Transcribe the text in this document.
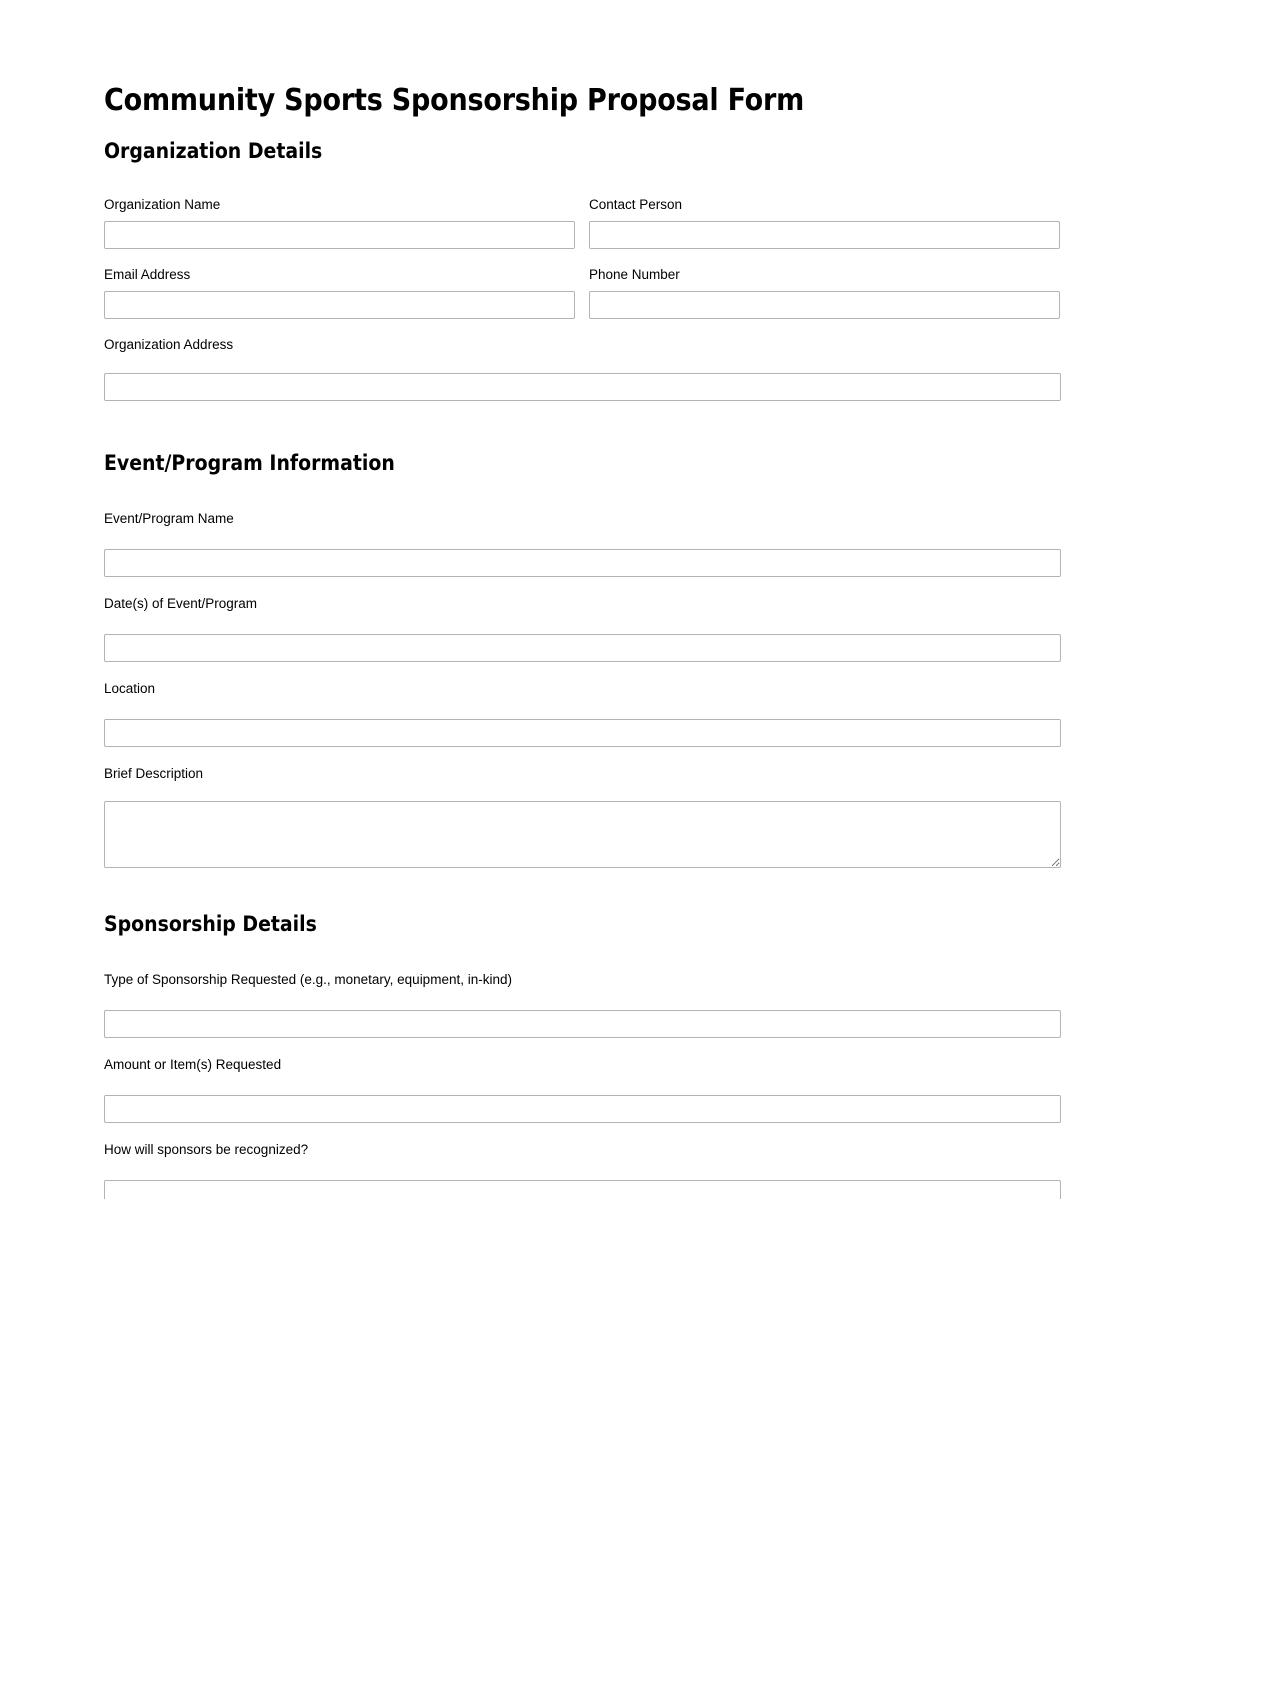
Community Sports Sponsorship Proposal Form
Organization Details
Organization Name	Contact Person
Email Address	Phone Number
Organization Address
Event/Program Information
Event/Program Name
Date(s) of Event/Program
Location
Brief Description
Sponsorship Details
Type of Sponsorship Requested (e.g., monetary, equipment, in-kind)
Amount or Item(s) Requested
How will sponsors be recognized?
